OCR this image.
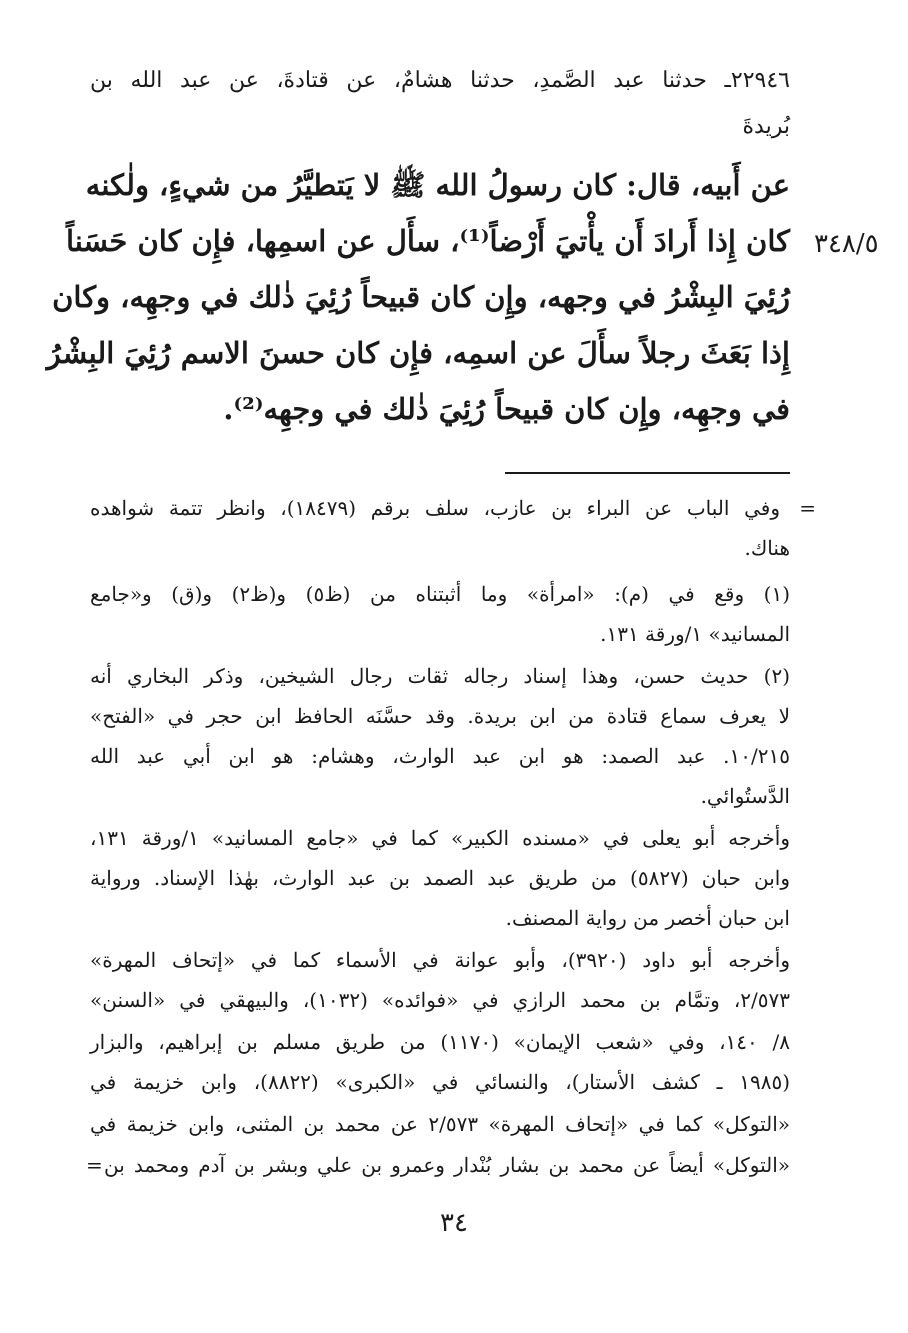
٣٤٨/٥
٢٢٩٤٦ـ حدثنا عبد الصَّمدِ، حدثنا هشامٌ، عن قتادةَ، عن عبد الله بن
بُريدةَ
عن أَبيه، قال: كان رسولُ الله ﷺ لا يَتطيَّرُ من شيءٍ، ولٰكنه
كان إِذا أَرادَ أَن يأْتيَ أَرْضاً⁽¹⁾، سأَل عن اسمِها، فإِن كان حَسَناً
رُئِيَ البِشْرُ في وجهه، وإِن كان قبيحاً رُئِيَ ذٰلك في وجهِه، وكان
إِذا بَعَثَ رجلاً سأَلَ عن اسمِه، فإِن كان حسنَ الاسم رُئِيَ البِشْرُ
في وجهِه، وإِن كان قبيحاً رُئِيَ ذٰلك في وجهِه⁽²⁾.
=
وفي الباب عن البراء بن عازب، سلف برقم (١٨٤٧٩)، وانظر تتمة شواهده
هناك.
(١) وقع في (م): «امرأة» وما أثبتناه من (ظ٥) و(ظ٢) و(ق) و«جامع
المسانيد» ١/ورقة ١٣١.
(٢) حديث حسن، وهذا إسناد رجاله ثقات رجال الشيخين، وذكر البخاري أنه
لا يعرف سماع قتادة من ابن بريدة. وقد حسَّنَه الحافظ ابن حجر في «الفتح»
١٠/٢١٥. عبد الصمد: هو ابن عبد الوارث، وهشام: هو ابن أبي عبد الله
الدَّستُوائي.
وأخرجه أبو يعلى في «مسنده الكبير» كما في «جامع المسانيد» ١/ورقة ١٣١،
وابن حبان (٥٨٢٧) من طريق عبد الصمد بن عبد الوارث، بهٰذا الإسناد. ورواية
ابن حبان أخصر من رواية المصنف.
وأخرجه أبو داود (٣٩٢٠)، وأبو عوانة في الأسماء كما في «إتحاف المهرة»
٢/٥٧٣، وتمَّام بن محمد الرازي في «فوائده» (١٠٣٢)، والبيهقي في «السنن»
٨/ ١٤٠، وفي «شعب الإيمان» (١١٧٠) من طريق مسلم بن إبراهيم، والبزار
(١٩٨٥ ـ كشف الأستار)، والنسائي في «الكبرى» (٨٨٢٢)، وابن خزيمة في
«التوكل» كما في «إتحاف المهرة» ٢/٥٧٣ عن محمد بن المثنى، وابن خزيمة في
«التوكل» أيضاً عن محمد بن بشار بُنْدار وعمرو بن علي وبشر بن آدم ومحمد بن
=
٣٤
